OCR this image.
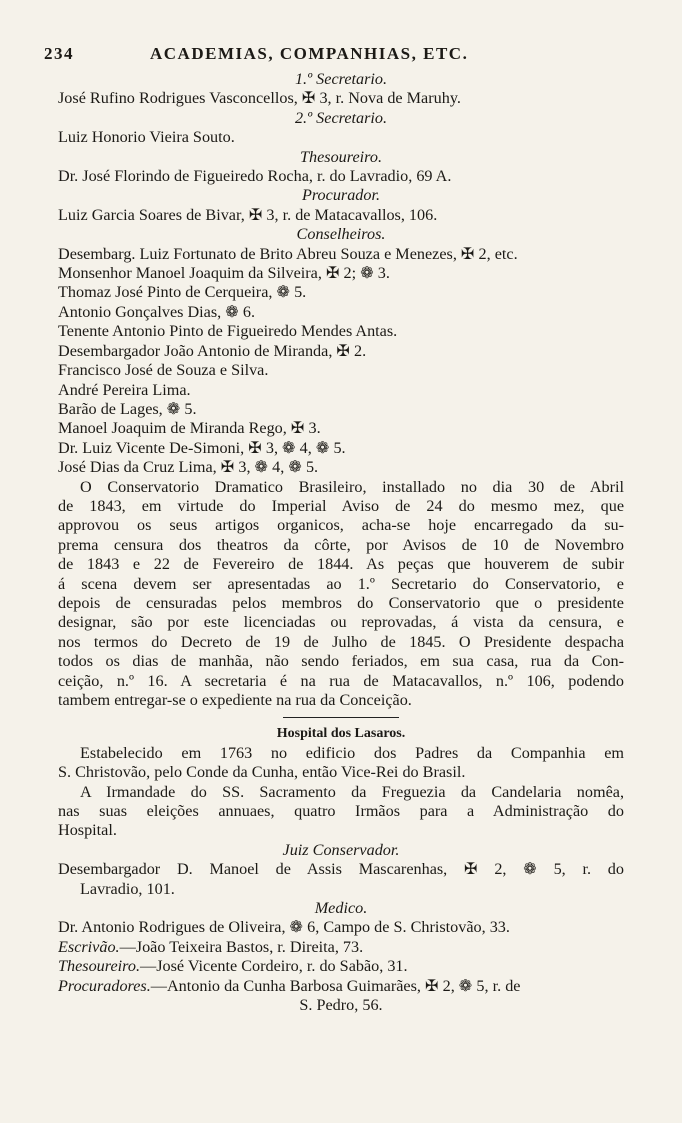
234	ACADEMIAS, COMPANHIAS, ETC.
1.º Secretario.
José Rufino Rodrigues Vasconcellos, ✠ 3, r. Nova de Maruhy.
2.º Secretario.
Luiz Honorio Vieira Souto.
Thesoureiro.
Dr. José Florindo de Figueiredo Rocha, r. do Lavradio, 69 A.
Procurador.
Luiz Garcia Soares de Bivar, ✠ 3, r. de Matacavallos, 106.
Conselheiros.
Desembarg. Luiz Fortunato de Brito Abreu Souza e Menezes, ✠ 2, etc.
Monsenhor Manoel Joaquim da Silveira, ✠ 2; ❁ 3.
Thomaz José Pinto de Cerqueira, ❁ 5.
Antonio Gonçalves Dias, ❁ 6.
Tenente Antonio Pinto de Figueiredo Mendes Antas.
Desembargador João Antonio de Miranda, ✠ 2.
Francisco José de Souza e Silva.
André Pereira Lima.
Barão de Lages, ❁ 5.
Manoel Joaquim de Miranda Rego, ✠ 3.
Dr. Luiz Vicente De-Simoni, ✠ 3, ❁ 4, ❁ 5.
José Dias da Cruz Lima, ✠ 3, ❁ 4, ❁ 5.
O Conservatorio Dramatico Brasileiro, installado no dia 30 de Abril
de 1843, em virtude do Imperial Aviso de 24 do mesmo mez, que
approvou os seus artigos organicos, acha-se hoje encarregado da su-
prema censura dos theatros da côrte, por Avisos de 10 de Novembro
de 1843 e 22 de Fevereiro de 1844. As peças que houverem de subir
á scena devem ser apresentadas ao 1.º Secretario do Conservatorio, e
depois de censuradas pelos membros do Conservatorio que o presidente
designar, são por este licenciadas ou reprovadas, á vista da censura, e
nos termos do Decreto de 19 de Julho de 1845. O Presidente despacha
todos os dias de manhãa, não sendo feriados, em sua casa, rua da Con-
ceição, n.º 16. A secretaria é na rua de Matacavallos, n.º 106, podendo
tambem entregar-se o expediente na rua da Conceição.
Hospital dos Lasaros.
Estabelecido em 1763 no edificio dos Padres da Companhia em
S. Christovão, pelo Conde da Cunha, então Vice-Rei do Brasil.
A Irmandade do SS. Sacramento da Freguezia da Candelaria nomêa,
nas suas eleições annuaes, quatro Irmãos para a Administração do
Hospital.
Juiz Conservador.
Desembargador D. Manoel de Assis Mascarenhas, ✠ 2, ❁ 5, r. do
Lavradio, 101.
Medico.
Dr. Antonio Rodrigues de Oliveira, ❁ 6, Campo de S. Christovão, 33.
Escrivão.—João Teixeira Bastos, r. Direita, 73.
Thesoureiro.—José Vicente Cordeiro, r. do Sabão, 31.
Procuradores.—Antonio da Cunha Barbosa Guimarães, ✠ 2, ❁ 5, r. de
S. Pedro, 56.
